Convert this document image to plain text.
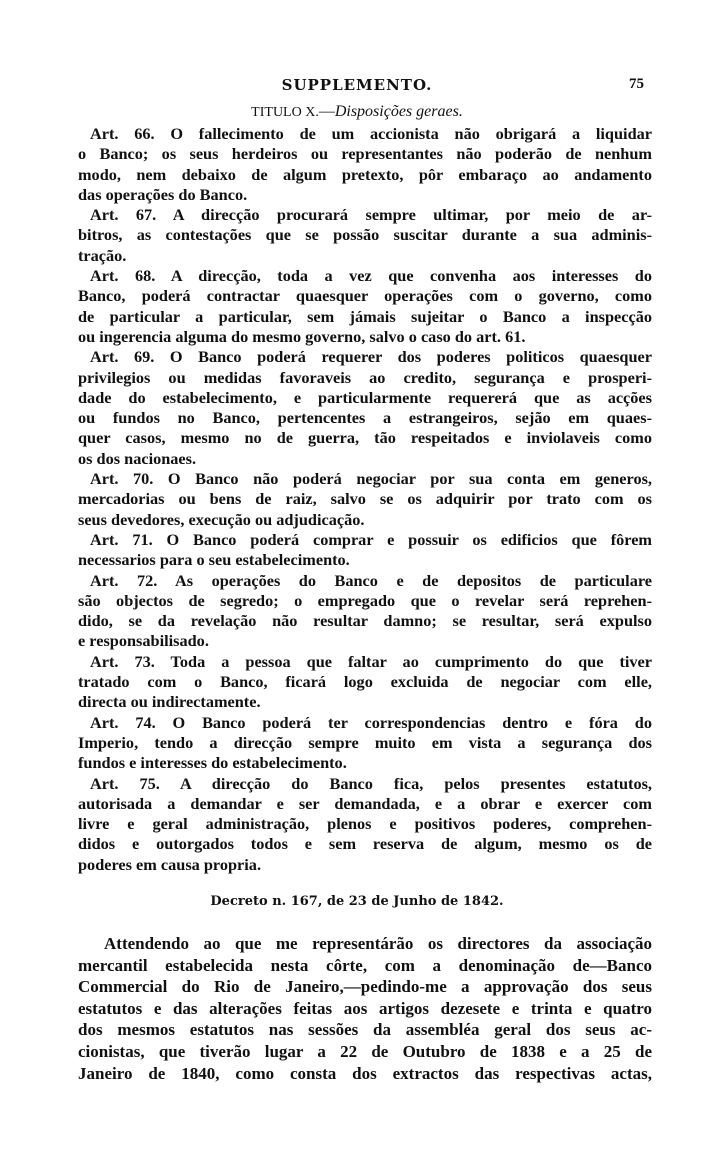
SUPPLEMENTO.	75
TITULO X.—Disposições geraes.
Art. 66. O fallecimento de um accionista não obrigará a liquidar
o Banco; os seus herdeiros ou representantes não poderão de nenhum
modo, nem debaixo de algum pretexto, pôr embaraço ao andamento
das operações do Banco.
Art. 67. A direcção procurará sempre ultimar, por meio de ar-
bitros, as contestações que se possão suscitar durante a sua adminis-
tração.
Art. 68. A direcção, toda a vez que convenha aos interesses do
Banco, poderá contractar quaesquer operações com o governo, como
de particular a particular, sem jámais sujeitar o Banco a inspecção
ou ingerencia alguma do mesmo governo, salvo o caso do art. 61.
Art. 69. O Banco poderá requerer dos poderes politicos quaesquer
privilegios ou medidas favoraveis ao credito, segurança e prosperi-
dade do estabelecimento, e particularmente requererá que as acções
ou fundos no Banco, pertencentes a estrangeiros, sejão em quaes-
quer casos, mesmo no de guerra, tão respeitados e inviolaveis como
os dos nacionaes.
Art. 70. O Banco não poderá negociar por sua conta em generos,
mercadorias ou bens de raiz, salvo se os adquirir por trato com os
seus devedores, execução ou adjudicação.
Art. 71. O Banco poderá comprar e possuir os edificios que fôrem
necessarios para o seu estabelecimento.
Art. 72. As operações do Banco e de depositos de particulare
são objectos de segredo; o empregado que o revelar será reprehen-
dido, se da revelação não resultar damno; se resultar, será expulso
e responsabilisado.
Art. 73. Toda a pessoa que faltar ao cumprimento do que tiver
tratado com o Banco, ficará logo excluida de negociar com elle,
directa ou indirectamente.
Art. 74. O Banco poderá ter correspondencias dentro e fóra do
Imperio, tendo a direcção sempre muito em vista a segurança dos
fundos e interesses do estabelecimento.
Art. 75. A direcção do Banco fica, pelos presentes estatutos,
autorisada a demandar e ser demandada, e a obrar e exercer com
livre e geral administração, plenos e positivos poderes, comprehen-
didos e outorgados todos e sem reserva de algum, mesmo os de
poderes em causa propria.
Decreto n. 167, de 23 de Junho de 1842.
Attendendo ao que me representárão os directores da associação
mercantil estabelecida nesta côrte, com a denominação de—Banco
Commercial do Rio de Janeiro,—pedindo-me a approvação dos seus
estatutos e das alterações feitas aos artigos dezesete e trinta e quatro
dos mesmos estatutos nas sessões da assembléa geral dos seus ac-
cionistas, que tiverão lugar a 22 de Outubro de 1838 e a 25 de
Janeiro de 1840, como consta dos extractos das respectivas actas,
